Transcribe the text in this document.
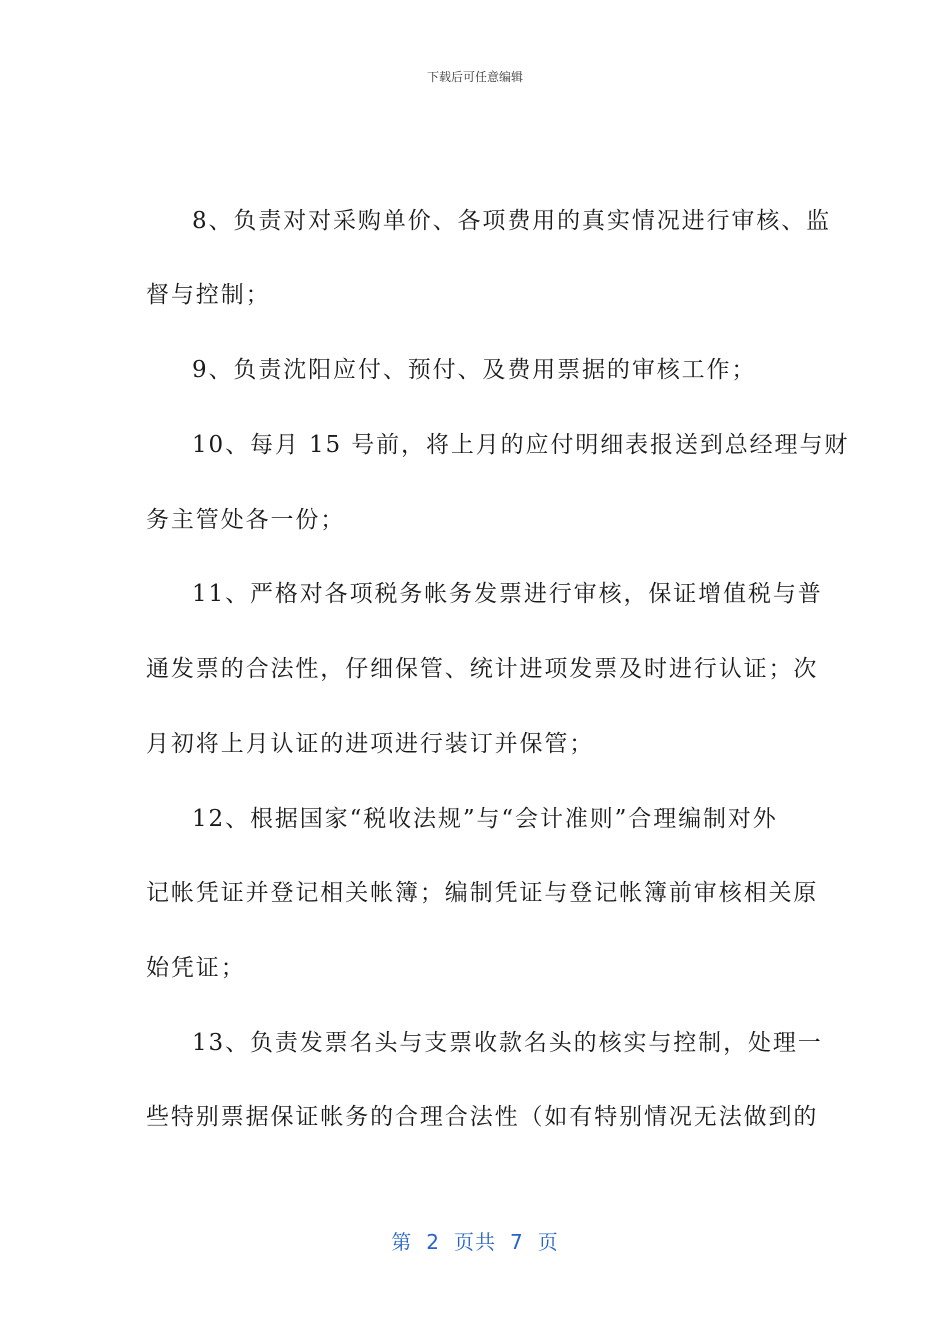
下载后可任意编辑
8、负责对对采购单价、各项费用的真实情况进行审核、监
督与控制；
9、负责沈阳应付、预付、及费用票据的审核工作；
10、每月 15 号前，将上月的应付明细表报送到总经理与财
务主管处各一份；
11、严格对各项税务帐务发票进行审核，保证增值税与普
通发票的合法性，仔细保管、统计进项发票及时进行认证；次
月初将上月认证的进项进行装订并保管；
12、根据国家“税收法规”与“会计准则”合理编制对外
记帐凭证并登记相关帐簿；编制凭证与登记帐簿前审核相关原
始凭证；
13、负责发票名头与支票收款名头的核实与控制，处理一
些特别票据保证帐务的合理合法性（如有特别情况无法做到的
第 2 页共 7 页
